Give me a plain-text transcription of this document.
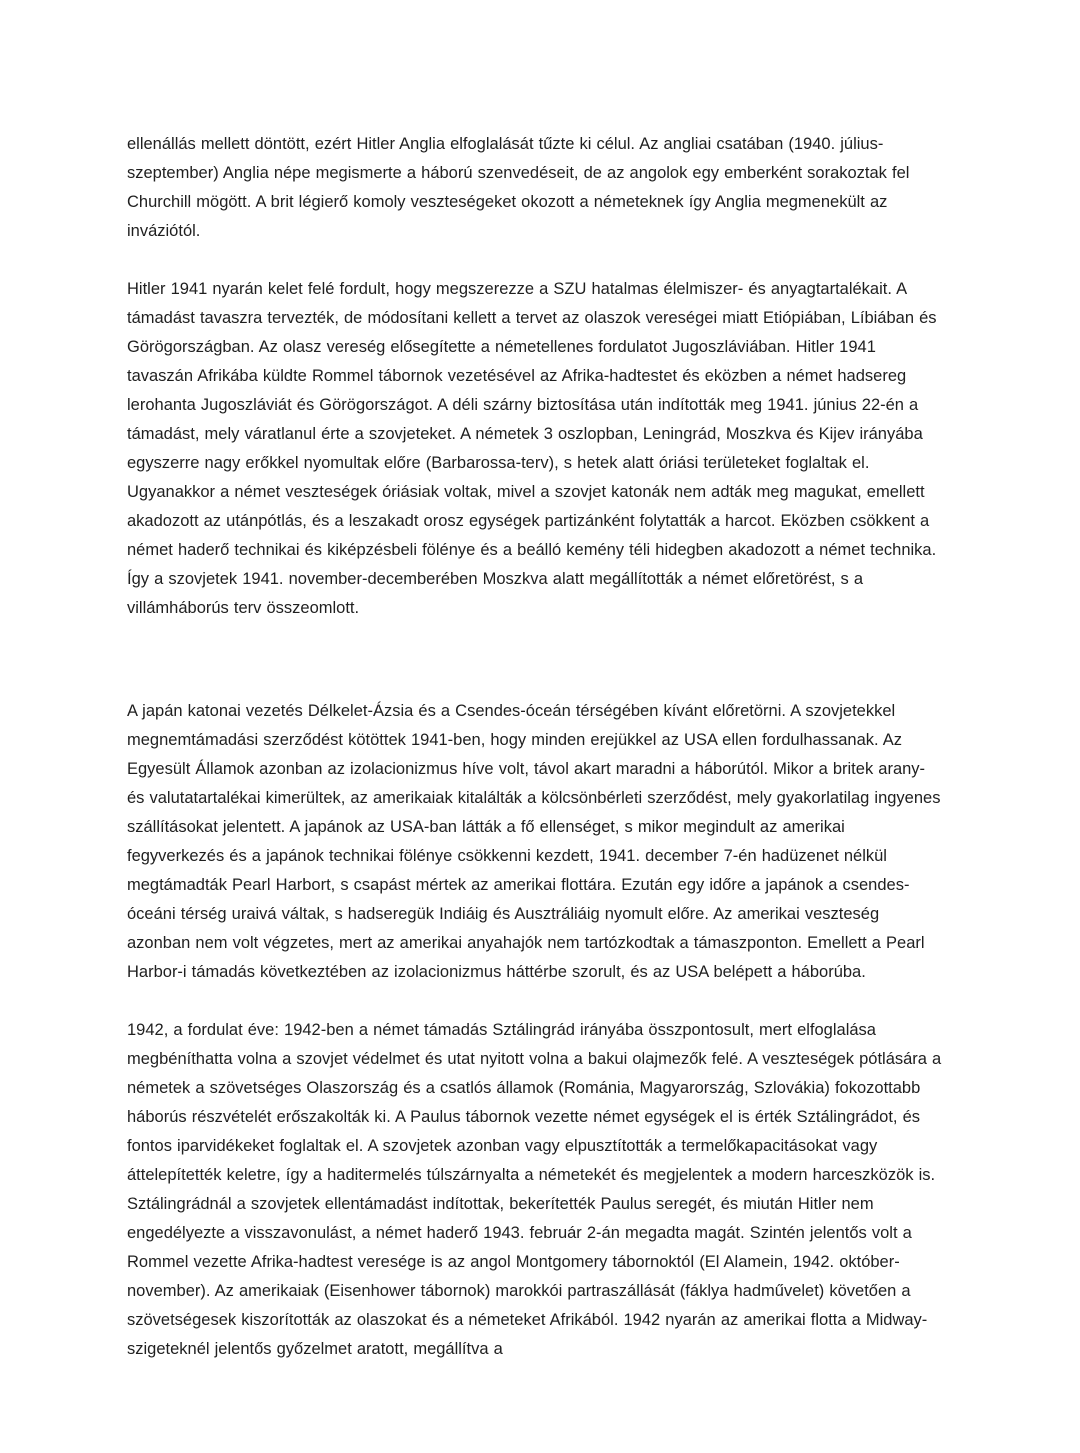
ellenállás mellett döntött, ezért Hitler Anglia elfoglalását tűzte ki célul. Az angliai csatában (1940. július-szeptember) Anglia népe megismerte a háború szenvedéseit, de az angolok egy emberként sorakoztak fel Churchill mögött. A brit légierő komoly veszteségeket okozott a németeknek így Anglia megmenekült az inváziótól.

Hitler 1941 nyarán kelet felé fordult, hogy megszerezze a SZU hatalmas élelmiszer- és anyagtartalékait. A támadást tavaszra tervezték, de módosítani kellett a tervet az olaszok vereségei miatt Etiópiában, Líbiában és Görögországban. Az olasz vereség elősegítette a németellenes fordulatot Jugoszláviában. Hitler 1941 tavaszán Afrikába küldte Rommel tábornok vezetésével az Afrika-hadtestet és eközben a német hadsereg lerohanta Jugoszláviát és Görögországot. A déli szárny biztosítása után indították meg 1941. június 22-én a támadást, mely váratlanul érte a szovjeteket. A németek 3 oszlopban, Leningrád, Moszkva és Kijev irányába egyszerre nagy erőkkel nyomultak előre (Barbarossa-terv), s hetek alatt óriási területeket foglaltak el. Ugyanakkor a német veszteségek óriásiak voltak, mivel a szovjet katonák nem adták meg magukat, emellett akadozott az utánpótlás, és a leszakadt orosz egységek partizánként folytatták a harcot. Eközben csökkent a német haderő technikai és kiképzésbeli fölénye és a beálló kemény téli hidegben akadozott a német technika. Így a szovjetek 1941. november-decemberében Moszkva alatt megállították a német előretörést, s a villámháborús terv összeomlott.

A japán katonai vezetés Délkelet-Ázsia és a Csendes-óceán térségében kívánt előretörni. A szovjetekkel megnemtámadási szerződést kötöttek 1941-ben, hogy minden erejükkel az USA ellen fordulhassanak. Az Egyesült Államok azonban az izolacionizmus híve volt, távol akart maradni a háborútól. Mikor a britek arany- és valutatartalékai kimerültek, az amerikaiak kitalálták a kölcsönbérleti szerződést, mely gyakorlatilag ingyenes szállításokat jelentett. A japánok az USA-ban látták a fő ellenséget, s mikor megindult az amerikai fegyverkezés és a japánok technikai fölénye csökkenni kezdett, 1941. december 7-én hadüzenet nélkül megtámadták Pearl Harbort, s csapást mértek az amerikai flottára. Ezután egy időre a japánok a csendes-óceáni térség uraivá váltak, s hadseregük Indiáig és Ausztráliáig nyomult előre. Az amerikai veszteség azonban nem volt végzetes, mert az amerikai anyahajók nem tartózkodtak a támaszponton. Emellett a Pearl Harbor-i támadás következtében az izolacionizmus háttérbe szorult, és az USA belépett a háborúba.

1942, a fordulat éve: 1942-ben a német támadás Sztálingrád irányába összpontosult, mert elfoglalása megbéníthatta volna a szovjet védelmet és utat nyitott volna a bakui olajmezők felé. A veszteségek pótlására a németek a szövetséges Olaszország és a csatlós államok (Románia, Magyarország, Szlovákia) fokozottabb háborús részvételét erőszakolták ki. A Paulus tábornok vezette német egységek el is érték Sztálingrádot, és fontos iparvidékeket foglaltak el. A szovjetek azonban vagy elpusztították a termelőkapacitásokat vagy áttelepítették keletre, így a haditermelés túlszárnyalta a németekét és megjelentek a modern harceszközök is. Sztálingrádnál a szovjetek ellentámadást indítottak, bekerítették Paulus seregét, és miután Hitler nem engedélyezte a visszavonulást, a német haderő 1943. február 2-án megadta magát. Szintén jelentős volt a Rommel vezette Afrika-hadtest veresége is az angol Montgomery tábornoktól (El Alamein, 1942. október-november). Az amerikaiak (Eisenhower tábornok) marokkói partraszállását (fáklya hadművelet) követően a szövetségesek kiszorították az olaszokat és a németeket Afrikából. 1942 nyarán az amerikai flotta a Midway-szigeteknél jelentős győzelmet aratott, megállítva a
